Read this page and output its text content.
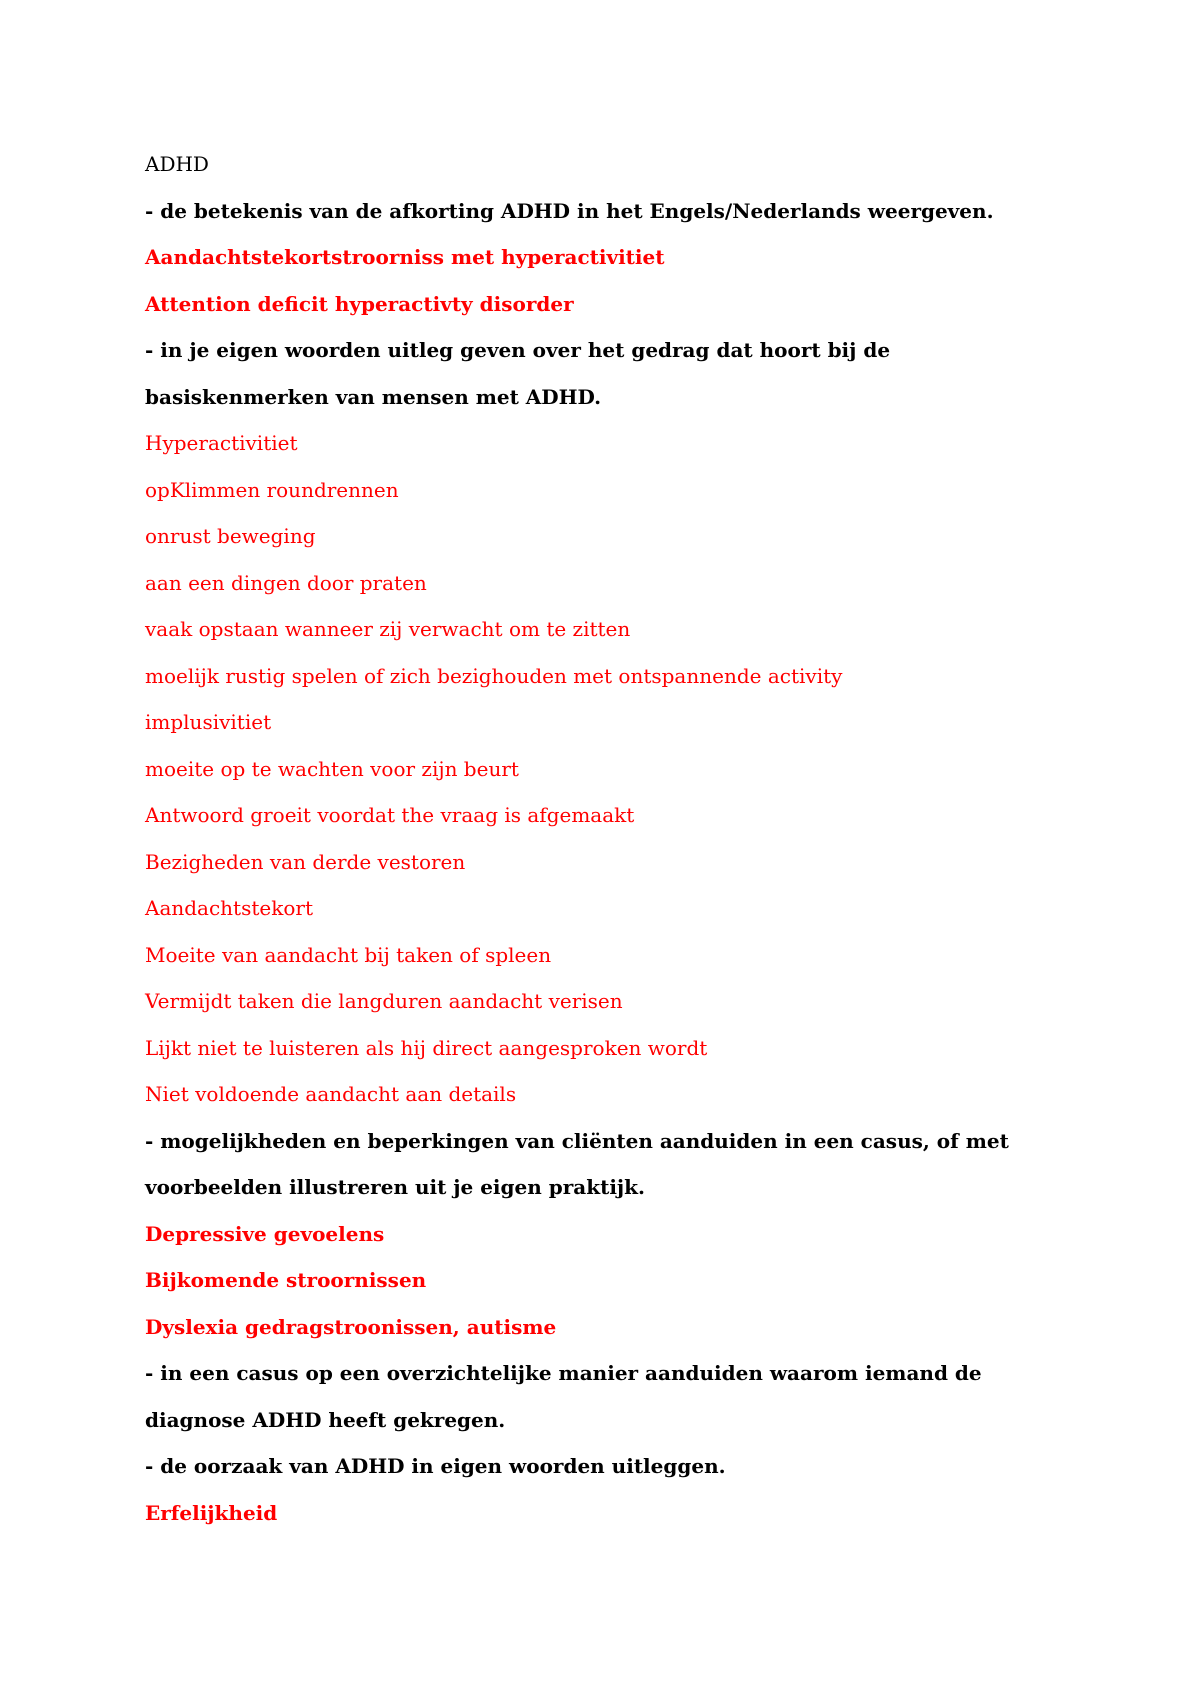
ADHD

- de betekenis van de afkorting ADHD in het Engels/Nederlands weergeven.

Aandachtstekortstroorniss met hyperactivitiet

Attention deficit hyperactivty disorder

- in je eigen woorden uitleg geven over het gedrag dat hoort bij de

basiskenmerken van mensen met ADHD.

Hyperactivitiet

opKlimmen roundrennen

onrust beweging

aan een dingen door praten

vaak opstaan wanneer zij verwacht om te zitten

moelijk rustig spelen of zich bezighouden met ontspannende activity

implusivitiet

moeite op te wachten voor zijn beurt

Antwoord groeit voordat the vraag is afgemaakt

Bezigheden van derde vestoren

Aandachtstekort

Moeite van aandacht bij taken of spleen

Vermijdt taken die langduren aandacht verisen

Lijkt niet te luisteren als hij direct aangesproken wordt

Niet voldoende aandacht aan details

- mogelijkheden en beperkingen van cliënten aanduiden in een casus, of met

voorbeelden illustreren uit je eigen praktijk.

Depressive gevoelens

Bijkomende stroornissen

Dyslexia gedragstroonissen, autisme

- in een casus op een overzichtelijke manier aanduiden waarom iemand de

diagnose ADHD heeft gekregen.

- de oorzaak van ADHD in eigen woorden uitleggen.

Erfelijkheid
